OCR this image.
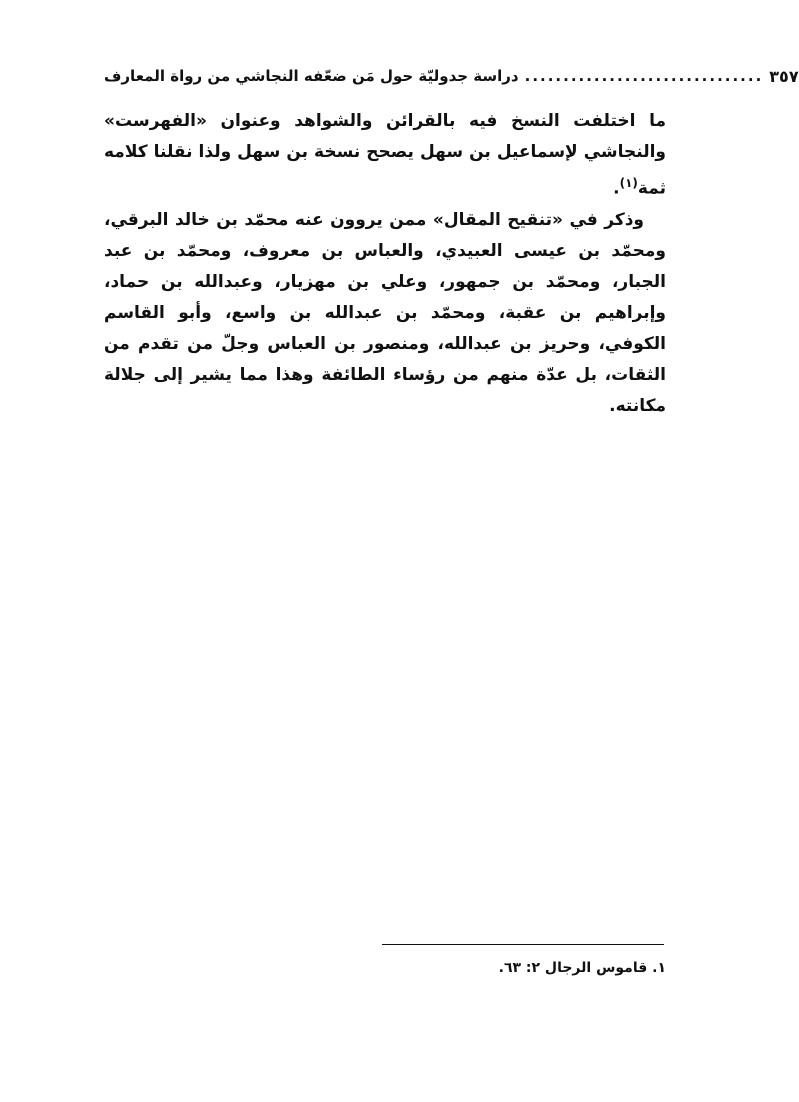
دراسة جدوليّة حول مَن ضعّفه النجاشي من رواة المعارف ............................... ٣٥٧

ما اختلفت النسخ فيه بالقرائن والشواهد وعنوان «الفهرست» والنجاشي لإسماعيل بن سهل يصحح نسخة بن سهل ولذا نقلنا كلامه ثمة$^{(١)}$.

وذكر في «تنقيح المقال» ممن يروون عنه محمّد بن خالد البرقي، ومحمّد بن عيسى العبيدي، والعباس بن معروف، ومحمّد بن عبد الجبار، ومحمّد بن جمهور، وعلي بن مهزيار، وعبدالله بن حماد، وإبراهيم بن عقبة، ومحمّد بن عبدالله بن واسع، وأبو القاسم الكوفي، وحريز بن عبدالله، ومنصور بن العباس وجلّ من تقدم من الثقات، بل عدّة منهم من رؤساء الطائفة وهذا مما يشير إلى جلالة مكانته.

١. قاموس الرجال ٢: ٦٣.
